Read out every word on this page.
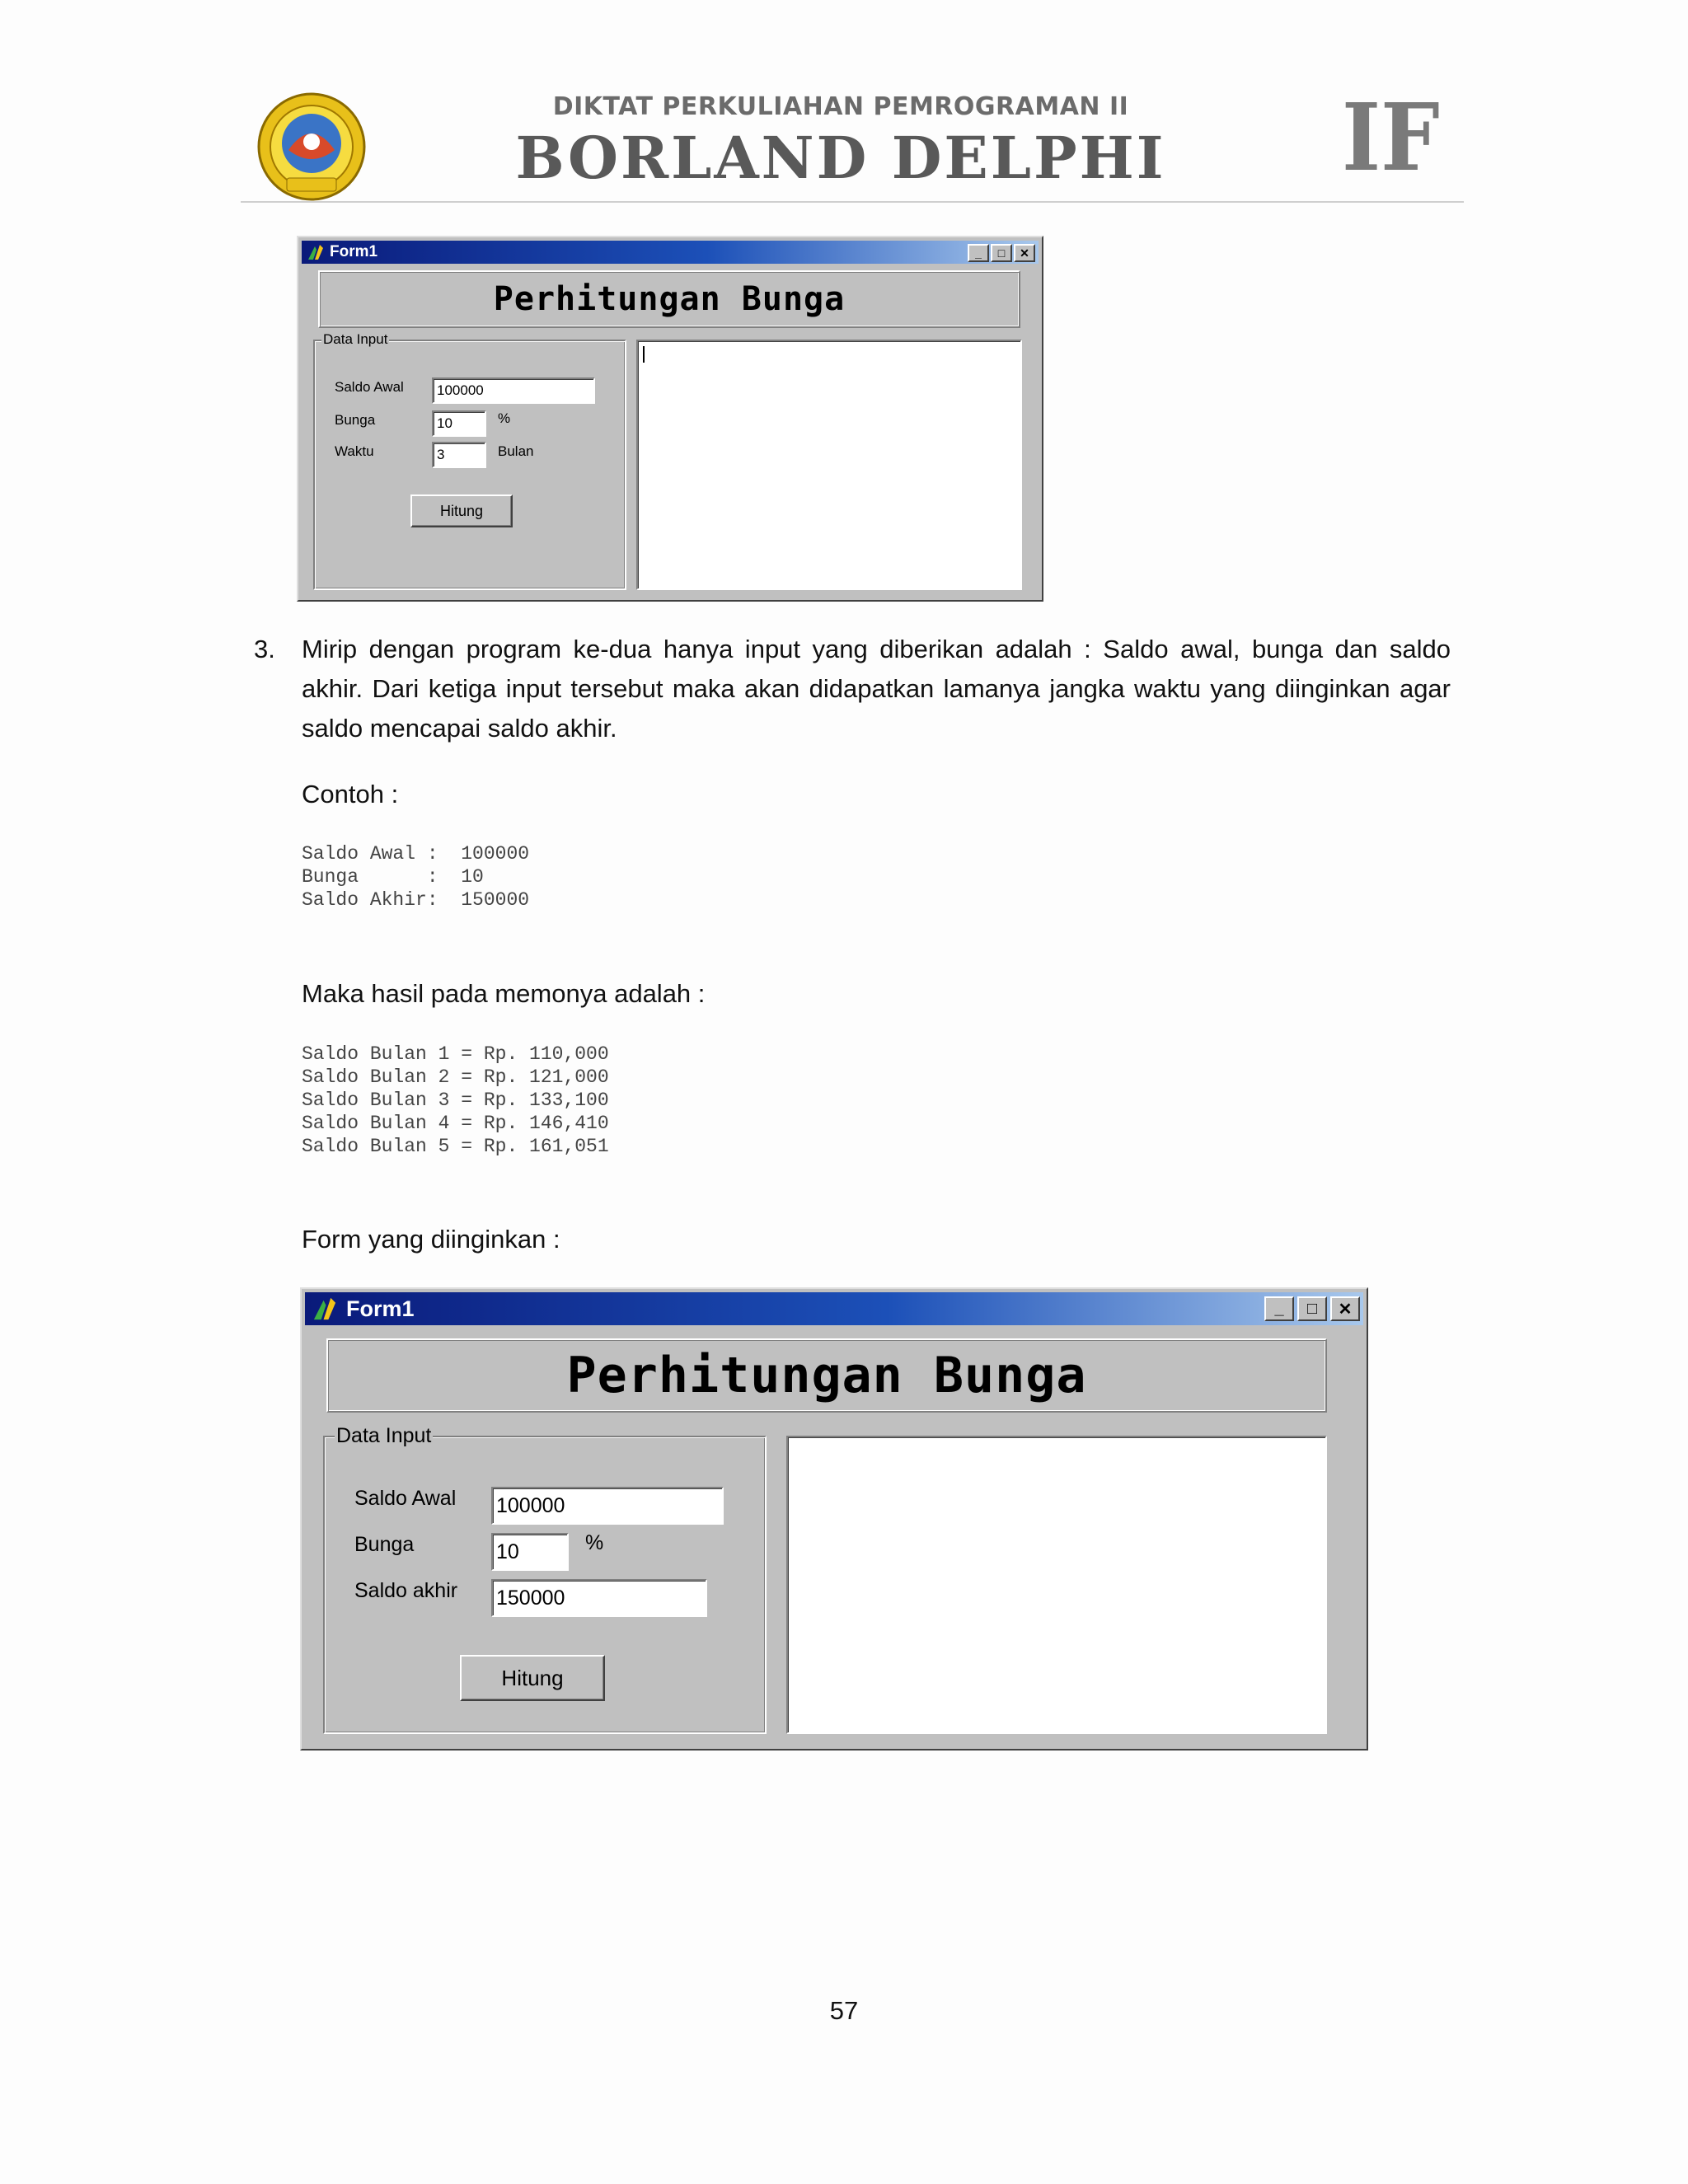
DIKTAT PERKULIAHAN PEMROGRAMAN II
BORLAND DELPHI	IF
Form1	_	□	✕
Perhitungan Bunga
Data Input
Saldo Awal	100000
Bunga	10	%
Waktu	3	Bulan
Hitung
3. Mirip dengan program ke-dua hanya input yang diberikan adalah : Saldo awal, bunga dan saldo akhir. Dari ketiga input tersebut maka akan didapatkan lamanya jangka waktu yang diinginkan agar saldo mencapai saldo akhir.
Contoh :
Saldo Awal :  100000
Bunga      :  10
Saldo Akhir:  150000
Maka hasil pada memonya adalah :
Saldo Bulan 1 = Rp. 110,000
Saldo Bulan 2 = Rp. 121,000
Saldo Bulan 3 = Rp. 133,100
Saldo Bulan 4 = Rp. 146,410
Saldo Bulan 5 = Rp. 161,051
Form yang diinginkan :
Form1	_	□	✕
Perhitungan Bunga
Data Input
Saldo Awal 100000
Bunga	10	%
Saldo akhir 150000
Hitung
57
